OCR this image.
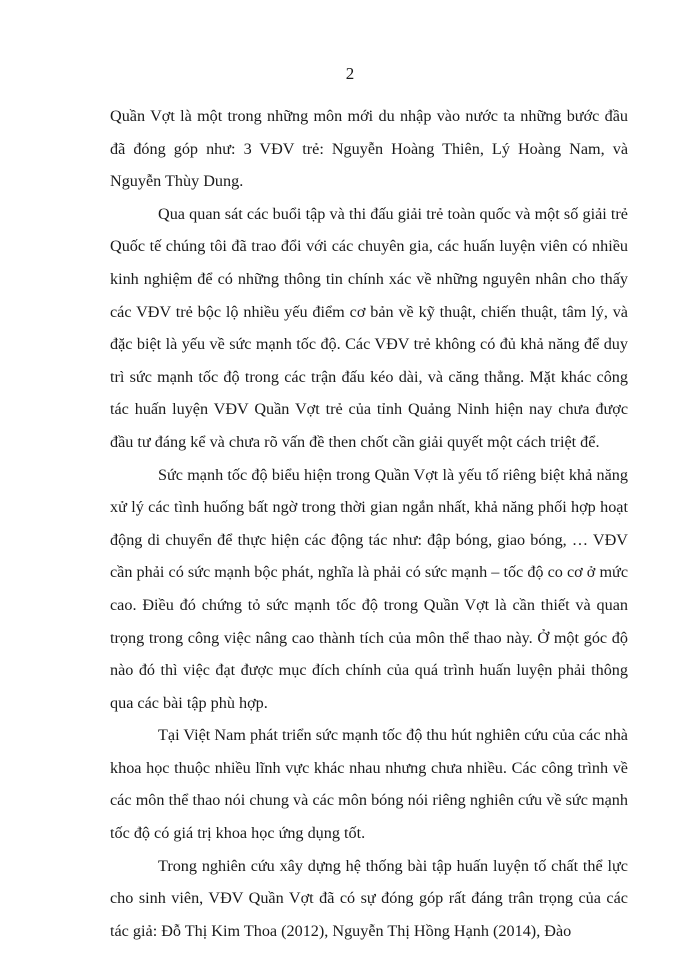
2

Quần Vợt là một trong những môn mới du nhập vào nước ta những bước đầu đã đóng góp như: 3 VĐV trẻ: Nguyễn Hoàng Thiên, Lý Hoàng Nam, và Nguyễn Thùy Dung.

Qua quan sát các buổi tập và thi đấu giải trẻ toàn quốc và một số giải trẻ Quốc tế chúng tôi đã trao đổi với các chuyên gia, các huấn luyện viên có nhiều kinh nghiệm để có những thông tin chính xác về những nguyên nhân cho thấy các VĐV trẻ bộc lộ nhiều yếu điểm cơ bản về kỹ thuật, chiến thuật, tâm lý, và đặc biệt là yếu về sức mạnh tốc độ. Các VĐV trẻ không có đủ khả năng để duy trì sức mạnh tốc độ trong các trận đấu kéo dài, và căng thẳng. Mặt khác công tác huấn luyện VĐV Quần Vợt trẻ của tỉnh Quảng Ninh hiện nay chưa được đầu tư đáng kể và chưa rõ vấn đề then chốt cần giải quyết một cách triệt để.

Sức mạnh tốc độ biểu hiện trong Quần Vợt là yếu tố riêng biệt khả năng xử lý các tình huống bất ngờ trong thời gian ngắn nhất, khả năng phối hợp hoạt động di chuyển để thực hiện các động tác như: đập bóng, giao bóng, … VĐV cần phải có sức mạnh bộc phát, nghĩa là phải có sức mạnh – tốc độ co cơ ở mức cao. Điều đó chứng tỏ sức mạnh tốc độ trong Quần Vợt là cần thiết và quan trọng trong công việc nâng cao thành tích của môn thể thao này. Ở một góc độ nào đó thì việc đạt được mục đích chính của quá trình huấn luyện phải thông qua các bài tập phù hợp.

Tại Việt Nam phát triển sức mạnh tốc độ thu hút nghiên cứu của các nhà khoa học thuộc nhiều lĩnh vực khác nhau nhưng chưa nhiều. Các công trình về các môn thể thao nói chung và các môn bóng nói riêng nghiên cứu về sức mạnh tốc độ có giá trị khoa học ứng dụng tốt.

Trong nghiên cứu xây dựng hệ thống bài tập huấn luyện tố chất thể lực cho sinh viên, VĐV Quần Vợt đã có sự đóng góp rất đáng trân trọng của các tác giả: Đỗ Thị Kim Thoa (2012), Nguyễn Thị Hồng Hạnh (2014), Đào
